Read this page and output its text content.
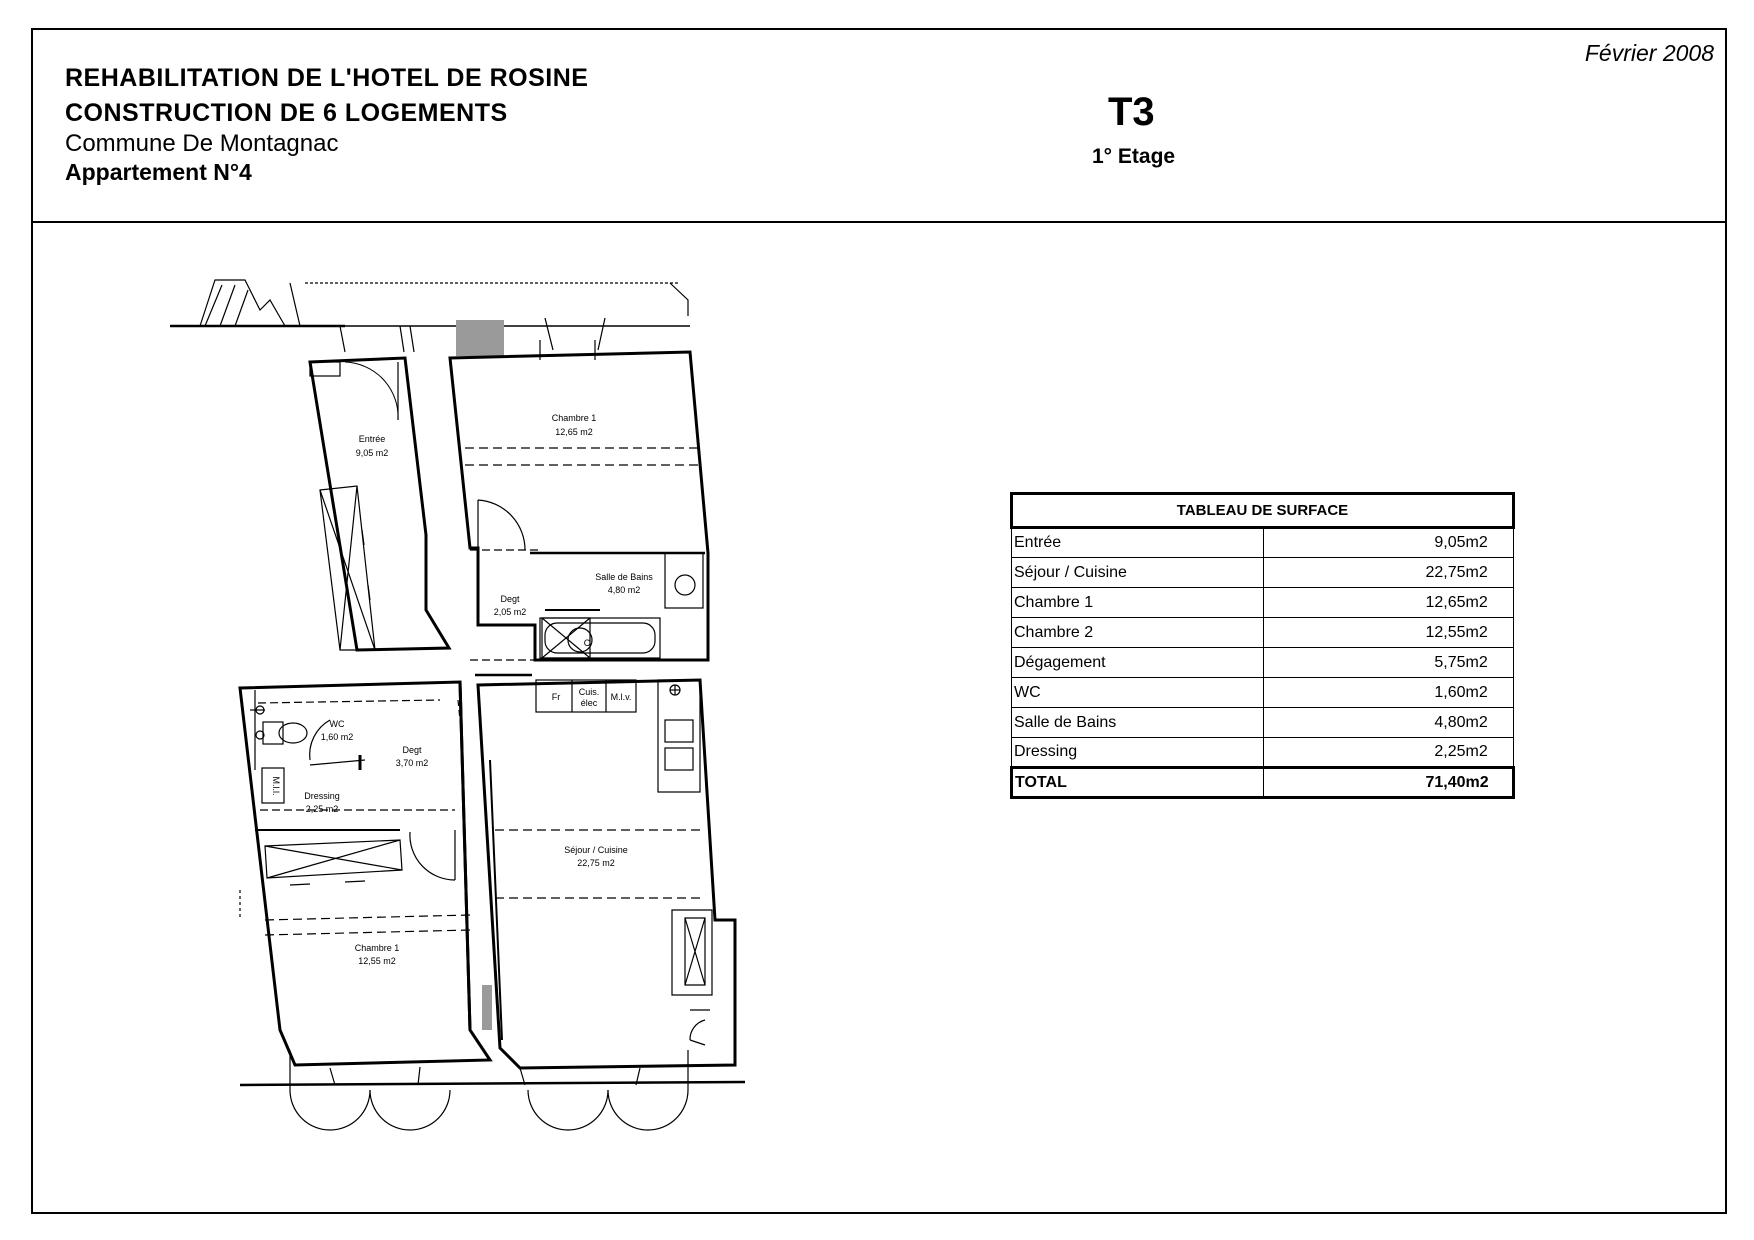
REHABILITATION DE L'HOTEL DE ROSINE
CONSTRUCTION DE 6 LOGEMENTS
Commune De Montagnac
Appartement N°4
Février 2008
T3
1° Etage
Entrée
9,05 m2
Chambre 1
12,65 m2
Salle de Bains
4,80 m2
Degt
2,05 m2
WC
1,60 m2
Degt
3,70 m2
Dressing
2,25 m2
Séjour / Cuisine
22,75 m2
Chambre 1
12,55 m2
Fr Cuis.
élec
M.l.v.
M.l.l.
C
TABLEAU DE SURFACE		
Entrée	9,05	m2
Séjour / Cuisine	22,75	m2
Chambre 1	12,65	m2
Chambre 2	12,55	m2
Dégagement	5,75	m2
WC	1,60	m2
Salle de Bains	4,80	m2
Dressing	2,25	m2
TOTAL	71,40	m2
